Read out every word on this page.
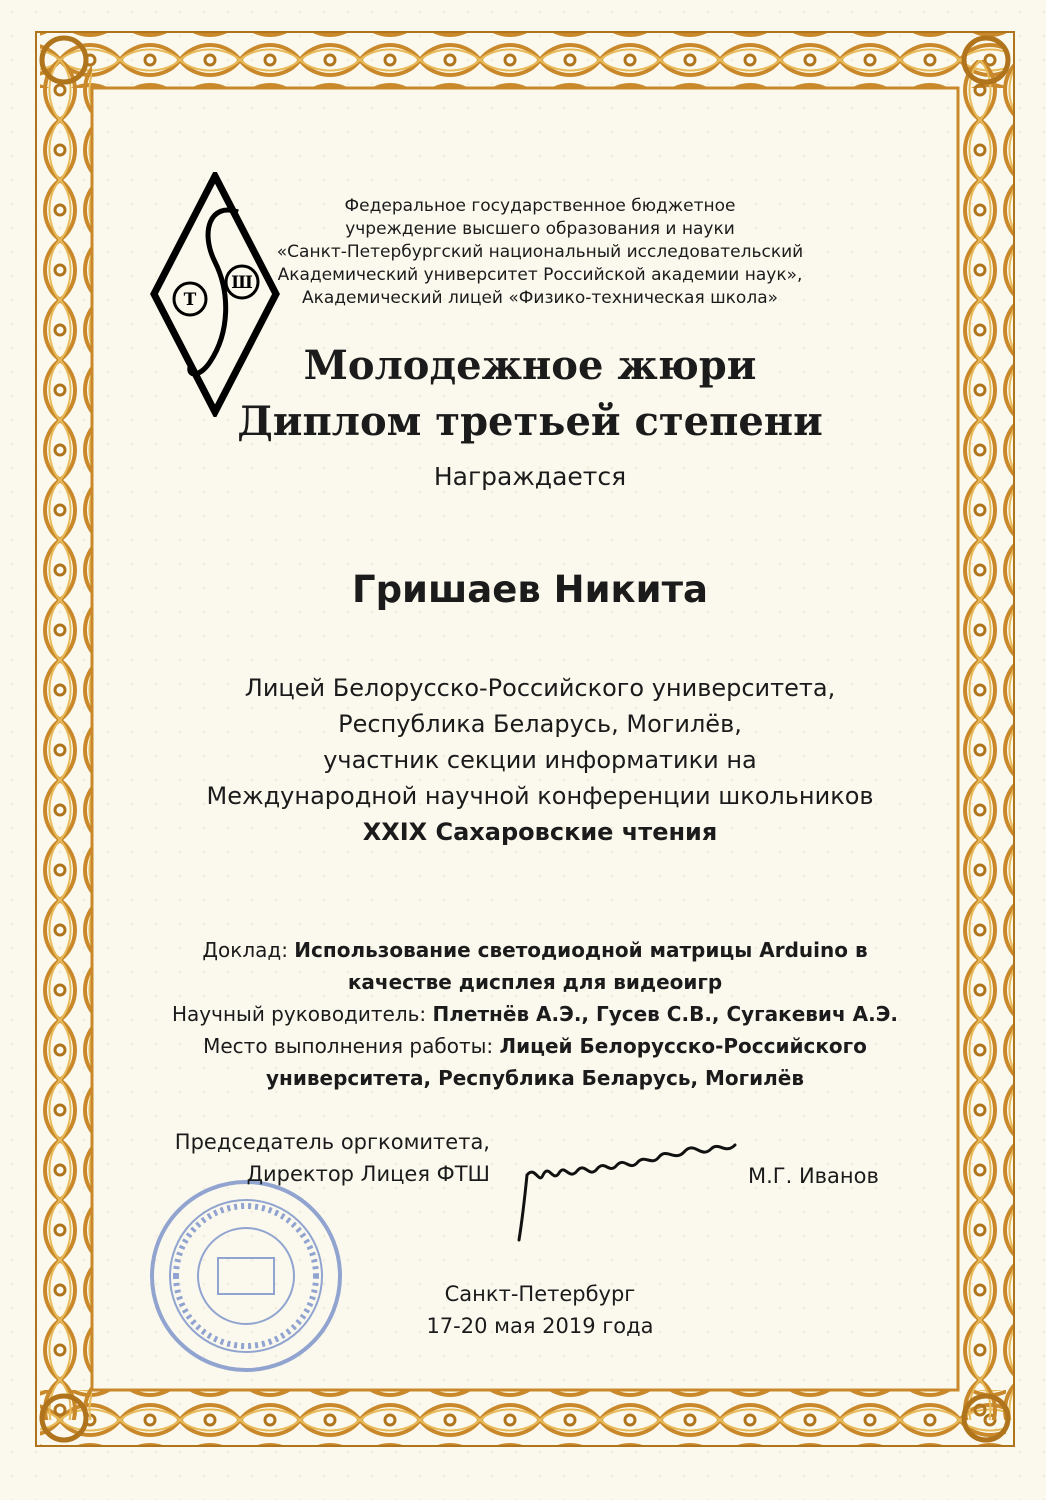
Т
Ш
Федеральное государственное бюджетное
учреждение высшего образования и науки
«Санкт-Петербургский национальный исследовательский
Академический университет Российской академии наук»,
Академический лицей «Физико-техническая школа»
Молодежное жюри
Диплом третьей степени
Награждается
Гришаев Никита
Лицей Белорусско-Российского университета,
Республика Беларусь, Могилёв,
участник секции информатики на
Международной научной конференции школьников
XXIX Сахаровские чтения
Доклад: Использование светодиодной матрицы Arduino в
качестве дисплея для видеоигр
Научный руководитель: Плетнёв А.Э., Гусев С.В., Сугакевич А.Э.
Место выполнения работы: Лицей Белорусско-Российского
университета, Республика Беларусь, Могилёв
Председатель оргкомитета,
Директор Лицея ФТШ	М.Г. Иванов
Санкт-Петербург
17-20 мая 2019 года
